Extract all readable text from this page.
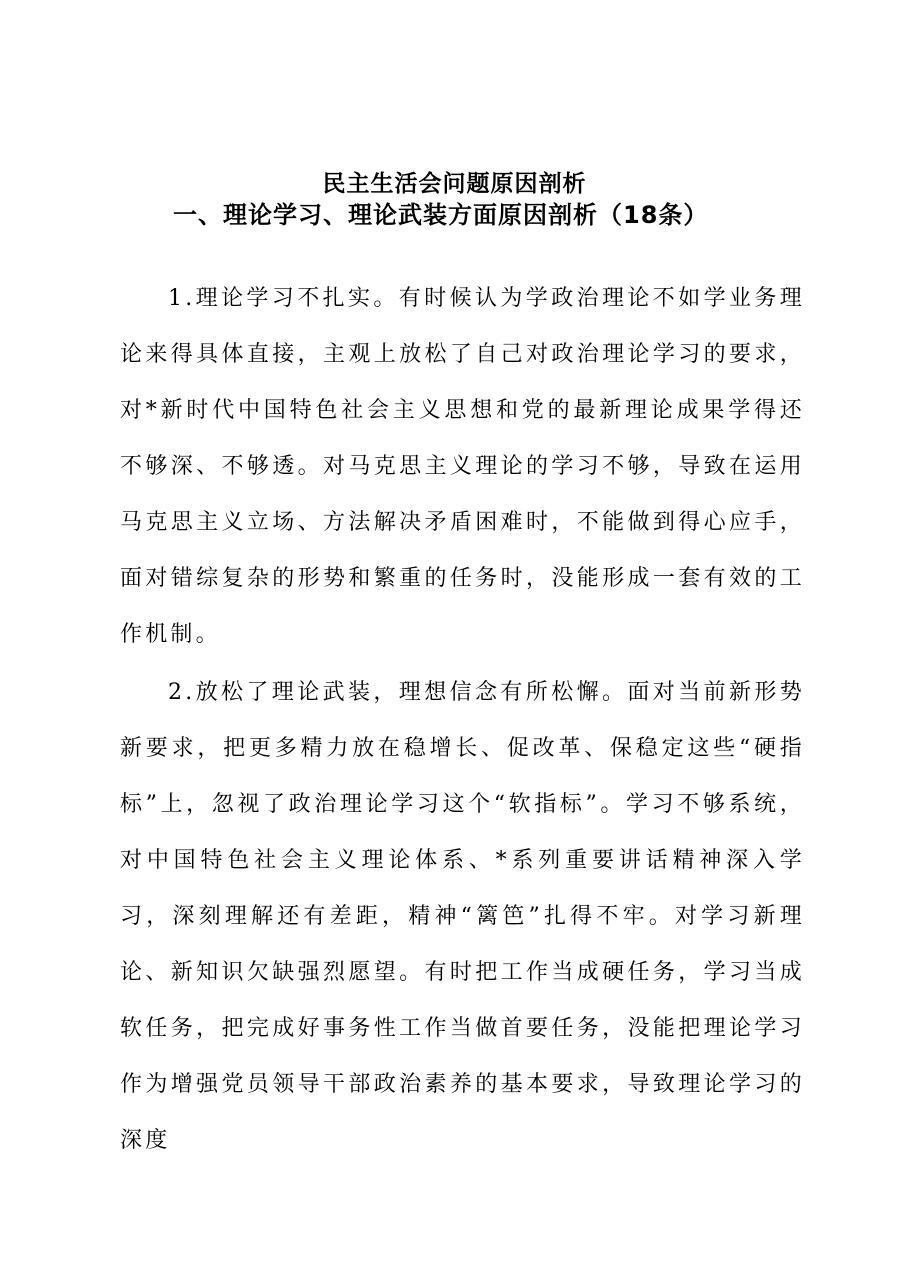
民主生活会问题原因剖析
一、理论学习、理论武装方面原因剖析（18条）

1.理论学习不扎实。有时候认为学政治理论不如学业务理论来得具体直接，主观上放松了自己对政治理论学习的要求，对*新时代中国特色社会主义思想和党的最新理论成果学得还不够深、不够透。对马克思主义理论的学习不够，导致在运用马克思主义立场、方法解决矛盾困难时，不能做到得心应手，面对错综复杂的形势和繁重的任务时，没能形成一套有效的工作机制。

2.放松了理论武装，理想信念有所松懈。面对当前新形势新要求，把更多精力放在稳增长、促改革、保稳定这些“硬指标”上，忽视了政治理论学习这个“软指标”。学习不够系统，对中国特色社会主义理论体系、*系列重要讲话精神深入学习，深刻理解还有差距，精神“篱笆”扎得不牢。对学习新理论、新知识欠缺强烈愿望。有时把工作当成硬任务，学习当成软任务，把完成好事务性工作当做首要任务，没能把理论学习作为增强党员领导干部政治素养的基本要求，导致理论学习的深度
